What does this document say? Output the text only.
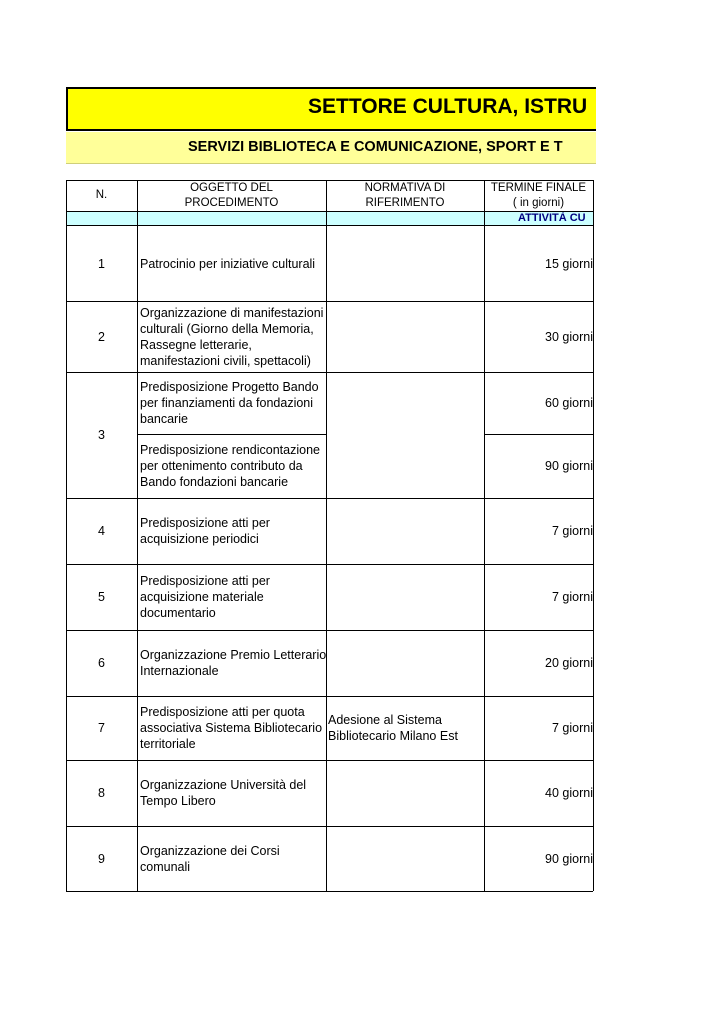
SETTORE CULTURA, ISTRU
SERVIZI BIBLIOTECA E COMUNICAZIONE, SPORT E T
N.
OGGETTO DEL
PROCEDIMENTO
NORMATIVA DI
RIFERIMENTO
TERMINE FINALE
( in giorni)
ATTIVITÀ CU
Patrocinio per iniziative culturali	15 giorni
Organizzazione di manifestazioni culturali (Giorno della Memoria, Rassegne letterarie, manifestazioni civili, spettacoli)
30 giorni
Predisposizione Progetto Bando per finanziamenti da fondazioni bancarie
60 giorni
Predisposizione rendicontazione per ottenimento contributo da Bando fondazioni bancarie
90 giorni
Predisposizione atti per acquisizione periodici
7 giorni
Predisposizione atti per acquisizione materiale documentario
7 giorni
Organizzazione Premio Letterario Internazionale
20 giorni
Predisposizione atti per quota associativa Sistema Bibliotecario territoriale
Adesione al Sistema Bibliotecario Milano Est
7 giorni
Organizzazione Università del Tempo Libero
40 giorni
Organizzazione dei Corsi comunali
90 giorni
1
2
3
4
5
6
7
8
9
